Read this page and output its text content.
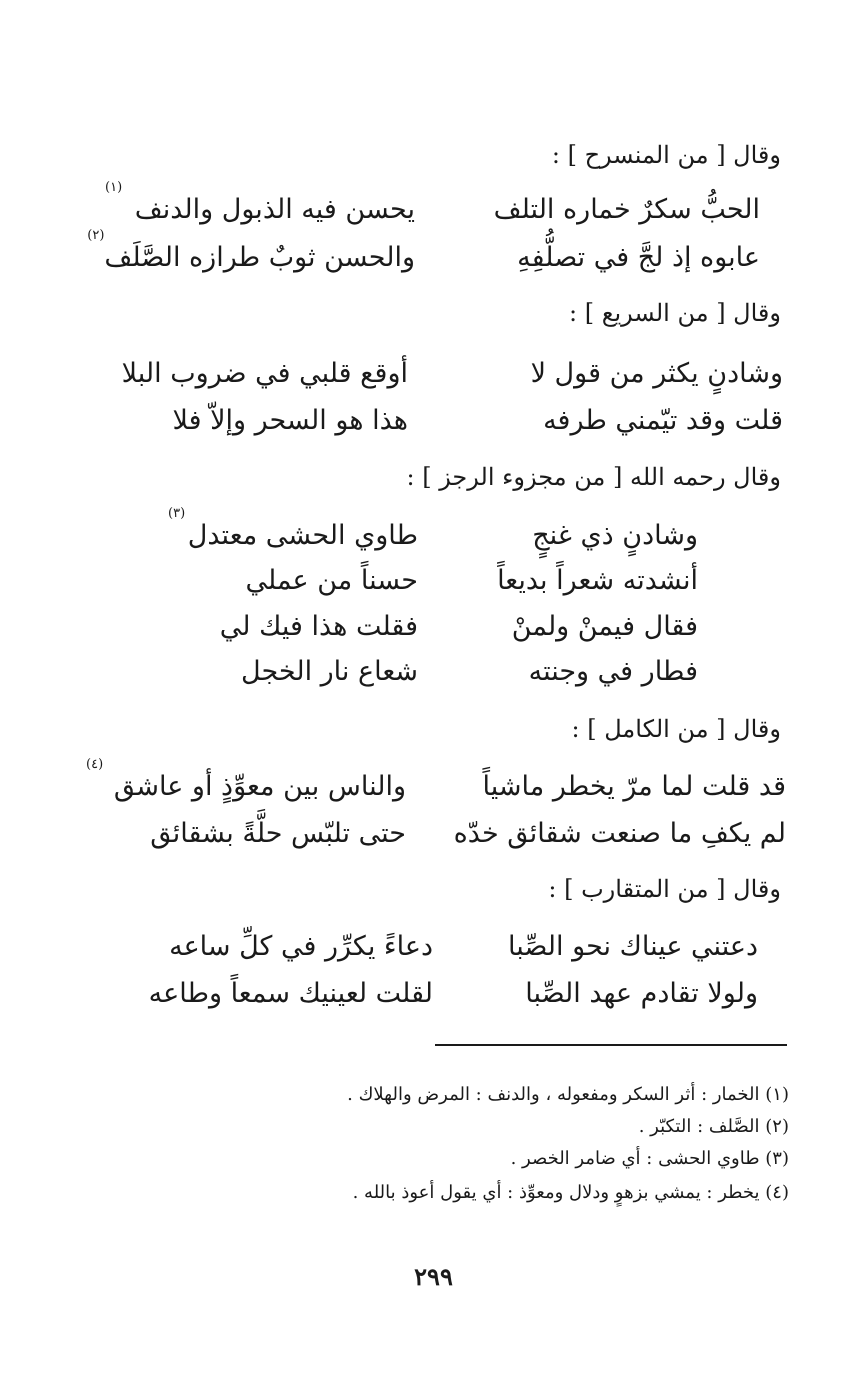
وقال [ من المنسرح ] :
الحبُّ سكرٌ خماره التلف
يحسن فيه الذبول والدنف
(١)
عابوه إذ لجَّ في تصلُّفِهِ
والحسن ثوبٌ طرازه الصَّلَف
(٢)
وقال [ من السريع ] :
وشادنٍ يكثر من قول لا
أوقع قلبي في ضروب البلا
قلت وقد تيّمني طرفه
هذا هو السحر وإلاّ فلا
وقال رحمه الله [ من مجزوء الرجز ] :
وشادنٍ ذي غنجٍ
طاوي الحشى معتدل
(٣)
أنشدته شعراً بديعاً
حسناً من عملي
فقال فيمنْ ولمنْ
فقلت هذا فيك لي
فطار في وجنته
شعاع نار الخجل
وقال [ من الكامل ] :
قد قلت لما مرّ يخطر ماشياً
والناس بين معوِّذٍ أو عاشق
(٤)
لم يكفِ ما صنعت شقائق خدّه
حتى تلبّس حلَّةً بشقائق
وقال [ من المتقارب ] :
دعتني عيناك نحو الصِّبا
دعاءً يكرِّر في كلِّ ساعه
ولولا تقادم عهد الصِّبا
لقلت لعينيك سمعاً وطاعه
(١) الخمار : أثر السكر ومفعوله ، والدنف : المرض والهلاك .
(٢) الصَّلف : التكبّر .
(٣) طاوي الحشى : أي ضامر الخصر .
(٤) يخطر : يمشي بزهوٍ ودلال ومعوِّذ : أي يقول أعوذ بالله .
٢٩٩
